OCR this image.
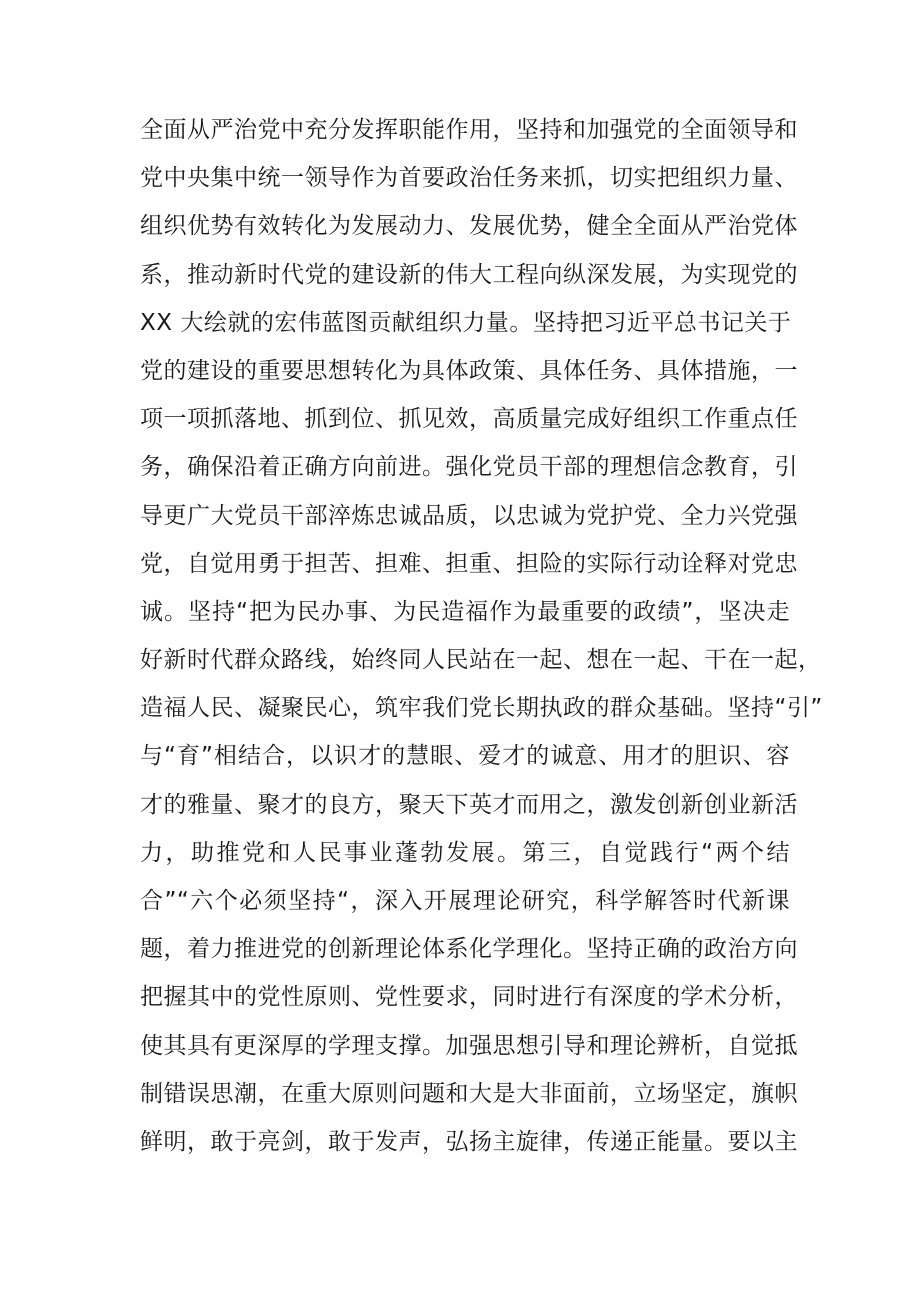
全面从严治党中充分发挥职能作用，坚持和加强党的全面领导和
党中央集中统一领导作为首要政治任务来抓，切实把组织力量、
组织优势有效转化为发展动力、发展优势，健全全面从严治党体
系，推动新时代党的建设新的伟大工程向纵深发展，为实现党的
XX 大绘就的宏伟蓝图贡献组织力量。坚持把习近平总书记关于
党的建设的重要思想转化为具体政策、具体任务、具体措施，一
项一项抓落地、抓到位、抓见效，高质量完成好组织工作重点任
务，确保沿着正确方向前进。强化党员干部的理想信念教育，引
导更广大党员干部淬炼忠诚品质，以忠诚为党护党、全力兴党强
党，自觉用勇于担苦、担难、担重、担险的实际行动诠释对党忠
诚。坚持“把为民办事、为民造福作为最重要的政绩”，坚决走
好新时代群众路线，始终同人民站在一起、想在一起、干在一起，
造福人民、凝聚民心，筑牢我们党长期执政的群众基础。坚持“引”
与“育”相结合，以识才的慧眼、爱才的诚意、用才的胆识、容
才的雅量、聚才的良方，聚天下英才而用之，激发创新创业新活
力，助推党和人民事业蓬勃发展。第三，自觉践行“两个结
合”“六个必须坚持“，深入开展理论研究，科学解答时代新课
题，着力推进党的创新理论体系化学理化。坚持正确的政治方向
把握其中的党性原则、党性要求，同时进行有深度的学术分析，
使其具有更深厚的学理支撑。加强思想引导和理论辨析，自觉抵
制错误思潮，在重大原则问题和大是大非面前，立场坚定，旗帜
鲜明，敢于亮剑，敢于发声，弘扬主旋律，传递正能量。要以主
